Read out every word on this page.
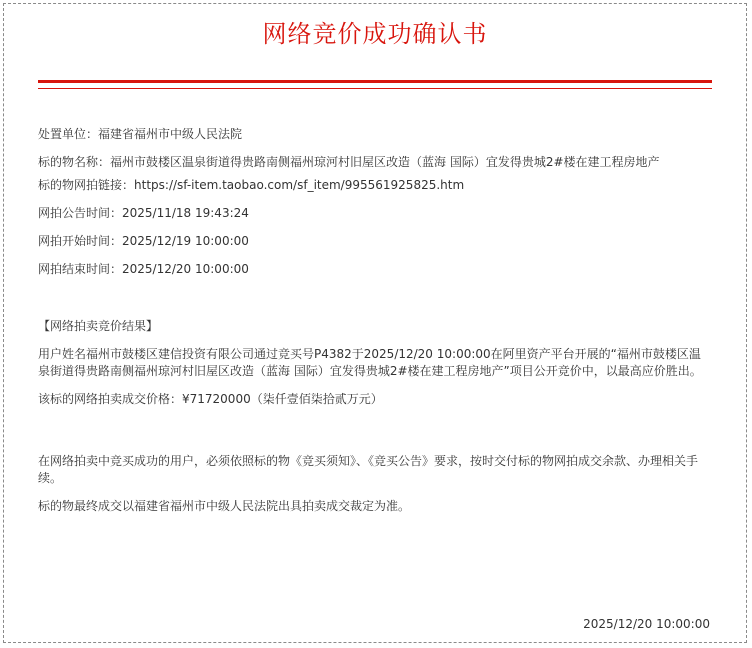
网络竞价成功确认书
处置单位：福建省福州市中级人民法院
标的物名称：福州市鼓楼区温泉街道得贵路南侧福州琼河村旧屋区改造（蓝海 国际）宜发得贵城2#楼在建工程房地产
标的物网拍链接：https://sf-item.taobao.com/sf_item/995561925825.htm
网拍公告时间：2025/11/18 19:43:24
网拍开始时间：2025/12/19 10:00:00
网拍结束时间：2025/12/20 10:00:00
【网络拍卖竞价结果】
用户姓名福州市鼓楼区建信投资有限公司通过竞买号P4382于2025/12/20 10:00:00在阿里资产平台开展的“福州市鼓楼区温泉街道得贵路南侧福州琼河村旧屋区改造（蓝海 国际）宜发得贵城2#楼在建工程房地产”项目公开竞价中，以最高应价胜出。
该标的网络拍卖成交价格：¥71720000（柒仟壹佰柒拾贰万元）
在网络拍卖中竞买成功的用户，必须依照标的物《竞买须知》、《竞买公告》要求，按时交付标的物网拍成交余款、办理相关手续。
标的物最终成交以福建省福州市中级人民法院出具拍卖成交裁定为准。
2025/12/20 10:00:00
